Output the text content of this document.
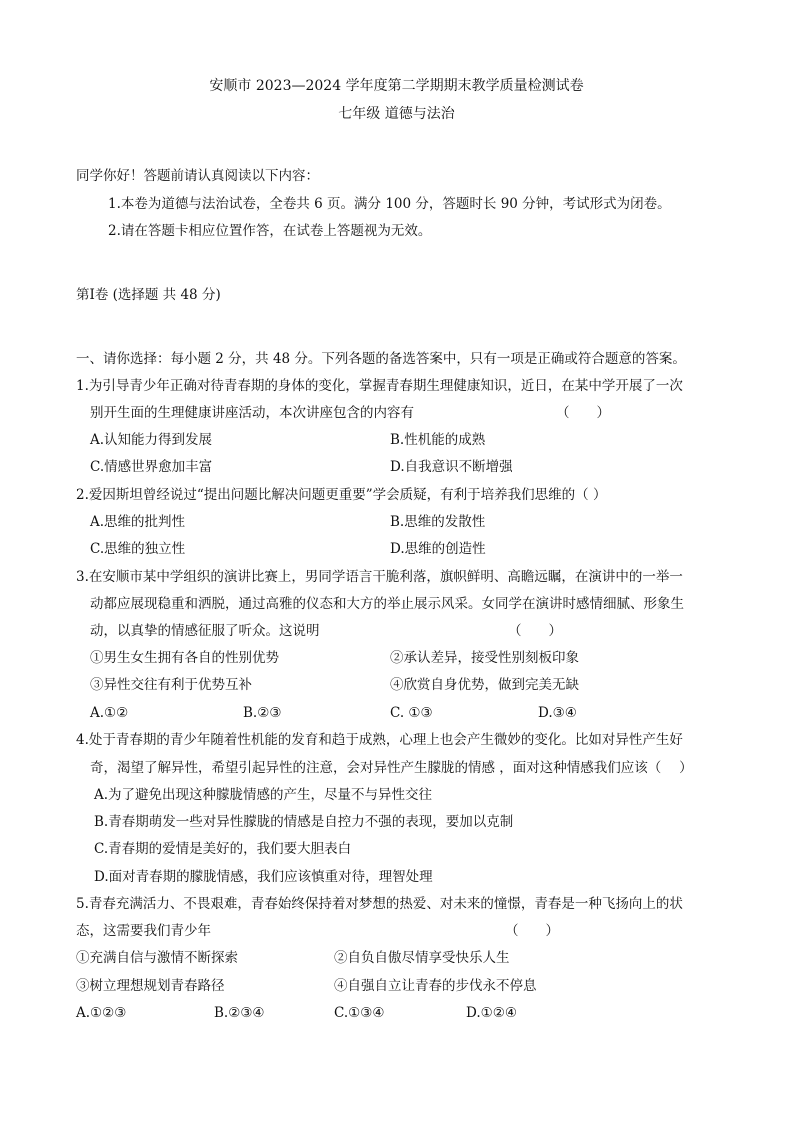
安顺市 2023—2024 学年度第二学期期末教学质量检测试卷
七年级 道德与法治
同学你好！答题前请认真阅读以下内容：
1.本卷为道德与法治试卷，全卷共 6 页。满分 100 分，答题时长 90 分钟，考试形式为闭卷。
2.请在答题卡相应位置作答，在试卷上答题视为无效。
第Ⅰ卷 (选择题 共 48 分)
一、请你选择：每小题 2 分，共 48 分。下列各题的备选答案中，只有一项是正确或符合题意的答案。
1.为引导青少年正确对待青春期的身体的变化，掌握青春期生理健康知识，近日，在某中学开展了一次
别开生面的生理健康讲座活动，本次讲座包含的内容有	（　　）
A.认知能力得到发展	B.性机能的成熟
C.情感世界愈加丰富	D.自我意识不断增强
2.爱因斯坦曾经说过“提出问题比解决问题更重要”学会质疑，有利于培养我们思维的（ ）
A.思维的批判性	B.思维的发散性
C.思维的独立性	D.思维的创造性
3.在安顺市某中学组织的演讲比赛上，男同学语言干脆利落，旗帜鲜明、高瞻远瞩，在演讲中的一举一
动都应展现稳重和洒脱，通过高雅的仪态和大方的举止展示风采。女同学在演讲时感情细腻、形象生
动，以真挚的情感征服了听众。这说明	（　　）
①男生女生拥有各自的性别优势	②承认差异，接受性别刻板印象
③异性交往有利于优势互补	④欣赏自身优势，做到完美无缺
A.①②	B.②③	C. ①③	D.③④
4.处于青春期的青少年随着性机能的发育和趋于成熟，心理上也会产生微妙的变化。比如对异性产生好
奇，渴望了解异性，希望引起异性的注意，会对异性产生朦胧的情感 ，面对这种情感我们应该（　 ）
A.为了避免出现这种朦胧情感的产生，尽量不与异性交往
B.青春期萌发一些对异性朦胧的情感是自控力不强的表现，要加以克制
C.青春期的爱情是美好的，我们要大胆表白
D.面对青春期的朦胧情感，我们应该慎重对待，理智处理
5.青春充满活力、不畏艰难，青春始终保持着对梦想的热爱、对未来的憧憬，青春是一种飞扬向上的状
态，这需要我们青少年	（　　）
①充满自信与激情不断探索	②自负自傲尽情享受快乐人生
③树立理想规划青春路径	④自强自立让青春的步伐永不停息
A.①②③	B.②③④	C.①③④	D.①②④
